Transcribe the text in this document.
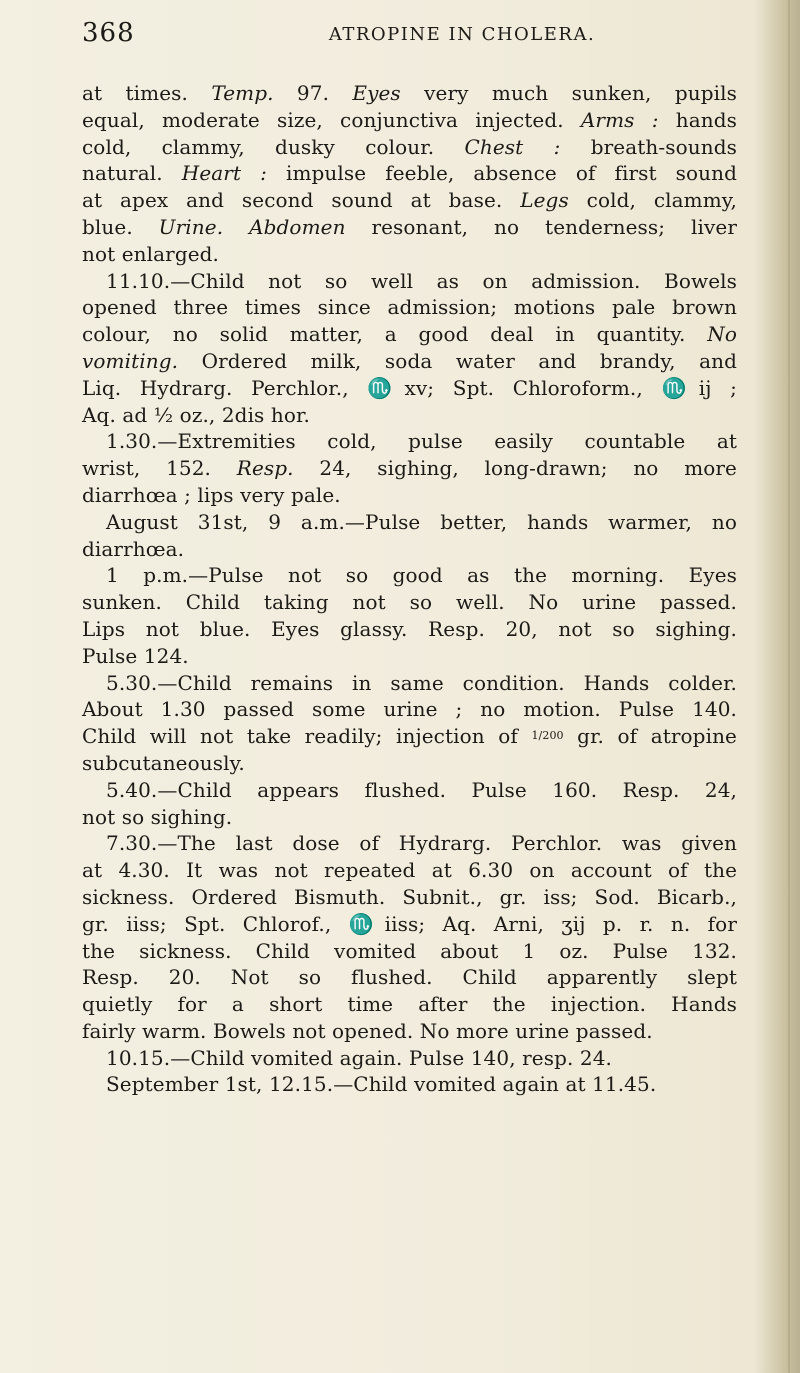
368	ATROPINE IN CHOLERA.

at times. Temp. 97. Eyes very much sunken, pupils

equal, moderate size, conjunctiva injected. Arms : hands

cold, clammy, dusky colour. Chest : breath-sounds

natural. Heart : impulse feeble, absence of first sound

at apex and second sound at base. Legs cold, clammy,

blue. Urine. Abdomen resonant, no tenderness; liver

not enlarged.

11.10.—Child not so well as on admission. Bowels

opened three times since admission; motions pale brown

colour, no solid matter, a good deal in quantity. No

vomiting. Ordered milk, soda water and brandy, and

Liq. Hydrarg. Perchlor., ♏xv; Spt. Chloroform., ♏ij ;

Aq. ad ½ oz., 2dis hor.

1.30.—Extremities cold, pulse easily countable at

wrist, 152. Resp. 24, sighing, long-drawn; no more

diarrhœa ; lips very pale.

August 31st, 9 a.m.—Pulse better, hands warmer, no

diarrhœa.

1 p.m.—Pulse not so good as the morning. Eyes

sunken. Child taking not so well. No urine passed.

Lips not blue. Eyes glassy. Resp. 20, not so sighing.

Pulse 124.

5.30.—Child remains in same condition. Hands colder.

About 1.30 passed some urine ; no motion. Pulse 140.

Child will not take readily; injection of $^{1/200}$ gr. of atropine

subcutaneously.

5.40.—Child appears flushed. Pulse 160. Resp. 24,

not so sighing.

7.30.—The last dose of Hydrarg. Perchlor. was given

at 4.30. It was not repeated at 6.30 on account of the

sickness. Ordered Bismuth. Subnit., gr. iss; Sod. Bicarb.,

gr. iiss; Spt. Chlorof., ♏iiss; Aq. Arni, ʒij p. r. n. for

the sickness. Child vomited about 1 oz. Pulse 132.

Resp. 20. Not so flushed. Child apparently slept

quietly for a short time after the injection. Hands

fairly warm. Bowels not opened. No more urine passed.

10.15.—Child vomited again. Pulse 140, resp. 24.

September 1st, 12.15.—Child vomited again at 11.45.
